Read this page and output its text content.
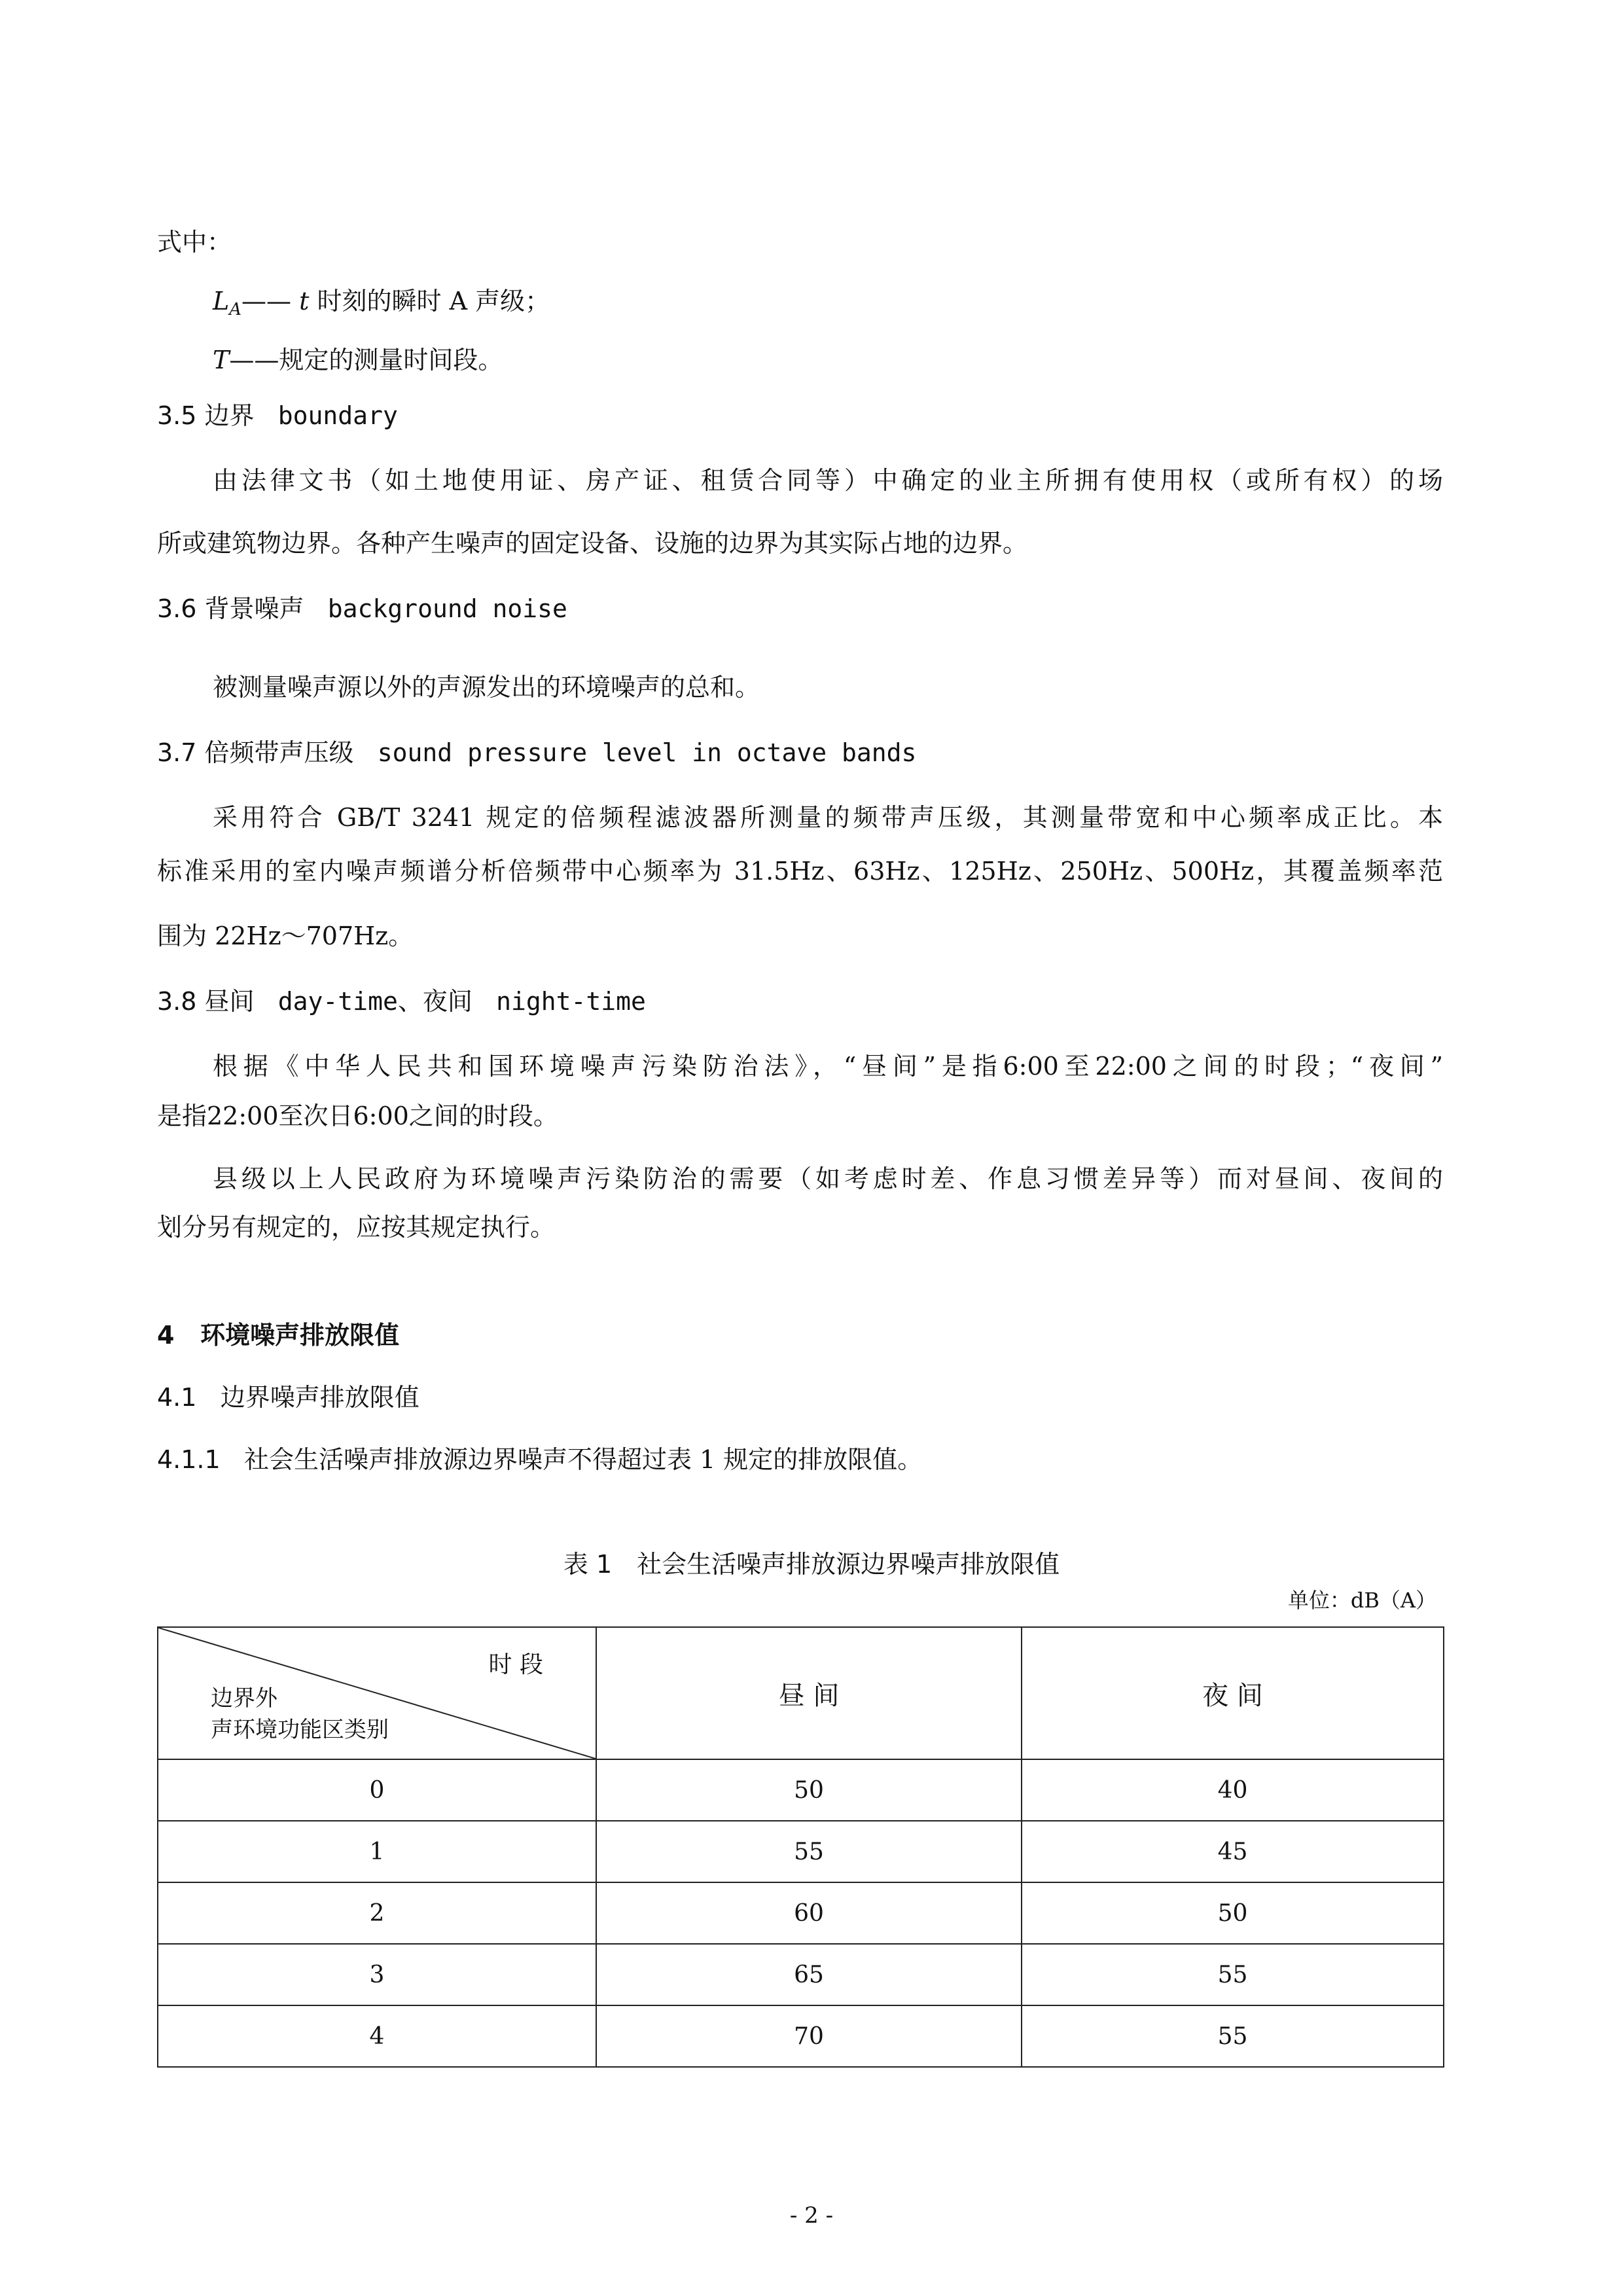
式中：
$L_A——$ t 时刻的瞬时 A 声级；
T——规定的测量时间段。
3.5 边界 boundary
由法律文书（如土地使用证、房产证、租赁合同等）中确定的业主所拥有使用权（或所有权）的场
所或建筑物边界。各种产生噪声的固定设备、设施的边界为其实际占地的边界。
3.6 背景噪声 background noise
被测量噪声源以外的声源发出的环境噪声的总和。
3.7 倍频带声压级 sound pressure level in octave bands
采用符合 GB/T 3241 规定的倍频程滤波器所测量的频带声压级，其测量带宽和中心频率成正比。本
标准采用的室内噪声频谱分析倍频带中心频率为 31.5Hz、63Hz、125Hz、250Hz、500Hz，其覆盖频率范
围为 22Hz～707Hz。
3.8 昼间 day-time、夜间 night-time
根据《中华人民共和国环境噪声污染防治法》，“昼间”是指6:00至22:00之间的时段；“夜间”
是指22:00至次日6:00之间的时段。
县级以上人民政府为环境噪声污染防治的需要（如考虑时差、作息习惯差异等）而对昼间、夜间的
划分另有规定的，应按其规定执行。
4 环境噪声排放限值
4.1 边界噪声排放限值
4.1.1 社会生活噪声排放源边界噪声不得超过表 1 规定的排放限值。
表 1　社会生活噪声排放源边界噪声排放限值
单位：dB（A）
时 段
边界外
声环境功能区类别	昼 间	夜 间
0	50	40
1	55	45
2	60	50
3	65	55
4	70	55
- 2 -
